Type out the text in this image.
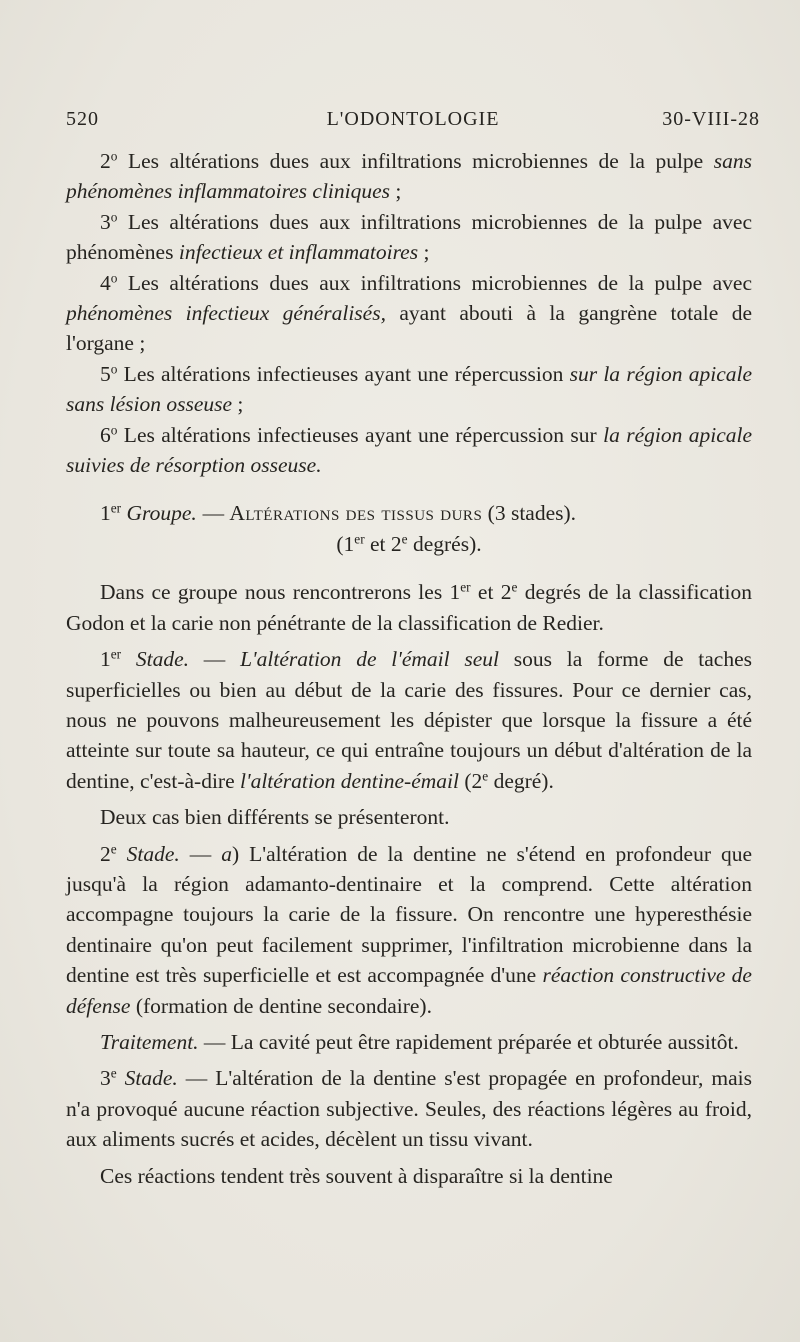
520	L'ODONTOLOGIE	30-VIII-28

2$^o$ Les altérations dues aux infiltrations microbiennes de la pulpe sans phénomènes inflammatoires cliniques ;

3$^o$ Les altérations dues aux infiltrations microbiennes de la pulpe avec phénomènes infectieux et inflammatoires ;

4$^o$ Les altérations dues aux infiltrations microbiennes de la pulpe avec phénomènes infectieux généralisés, ayant abouti à la gangrène totale de l'organe ;

5$^o$ Les altérations infectieuses ayant une répercussion sur la région apicale sans lésion osseuse ;

6$^o$ Les altérations infectieuses ayant une répercussion sur la région apicale suivies de résorption osseuse.

1er Groupe. — Altérations des tissus durs (3 stades).

(1er et 2e degrés).

Dans ce groupe nous rencontrerons les 1er et 2e degrés de la classification Godon et la carie non pénétrante de la classification de Redier.

1er Stade. — L'altération de l'émail seul sous la forme de taches superficielles ou bien au début de la carie des fissures. Pour ce dernier cas, nous ne pouvons malheureusement les dépister que lorsque la fissure a été atteinte sur toute sa hauteur, ce qui entraîne toujours un début d'altération de la dentine, c'est-à-dire l'altération dentine-émail (2e degré).

Deux cas bien différents se présenteront.

2e Stade. — a) L'altération de la dentine ne s'étend en profondeur que jusqu'à la région adamanto-dentinaire et la comprend. Cette altération accompagne toujours la carie de la fissure. On rencontre une hyperesthésie dentinaire qu'on peut facilement supprimer, l'infiltration microbienne dans la dentine est très superficielle et est accompagnée d'une réaction constructive de défense (formation de dentine secondaire).

Traitement. — La cavité peut être rapidement préparée et obturée aussitôt.

3e Stade. — L'altération de la dentine s'est propagée en profondeur, mais n'a provoqué aucune réaction subjective. Seules, des réactions légères au froid, aux aliments sucrés et acides, décèlent un tissu vivant.

Ces réactions tendent très souvent à disparaître si la dentine
